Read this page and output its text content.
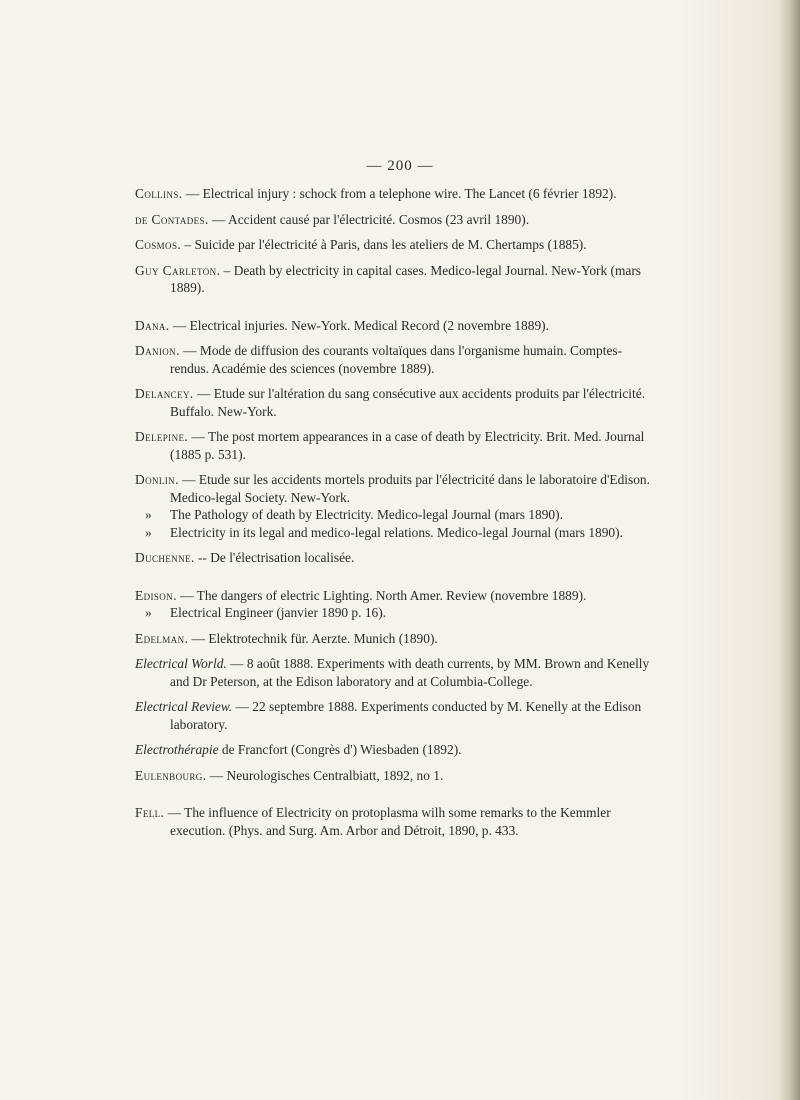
— 200 —

Collins. — Electrical injury : schock from a telephone wire. The Lancet (6 février 1892).

de Contades. — Accident causé par l'électricité. Cosmos (23 avril 1890).

Cosmos. – Suicide par l'électricité à Paris, dans les ateliers de M. Chertamps (1885).

Guy Carleton. – Death by electricity in capital cases. Medico-legal Journal. New-York (mars 1889).

Dana. — Electrical injuries. New-York. Medical Record (2 novembre 1889).

Danion. — Mode de diffusion des courants voltaïques dans l'organisme humain. Comptes-rendus. Académie des sciences (novembre 1889).

Delancey. — Etude sur l'altération du sang consécutive aux accidents produits par l'électricité. Buffalo. New-York.

Delepine. — The post mortem appearances in a case of death by Electricity. Brit. Med. Journal (1885 p. 531).

Donlin. — Etude sur les accidents mortels produits par l'électricité dans le laboratoire d'Edison. Medico-legal Society. New-York.

» The Pathology of death by Electricity. Medico-legal Journal (mars 1890).

» Electricity in its legal and medico-legal relations. Medico-legal Journal (mars 1890).

Duchenne. -- De l'électrisation localisée.

Edison. — The dangers of electric Lighting. North Amer. Review (novembre 1889).

» Electrical Engineer (janvier 1890 p. 16).

Edelman. — Elektrotechnik für. Aerzte. Munich (1890).

Electrical World. — 8 août 1888. Experiments with death currents, by MM. Brown and Kenelly and Dr Peterson, at the Edison laboratory and at Columbia-College.

Electrical Review. — 22 septembre 1888. Experiments conducted by M. Kenelly at the Edison laboratory.

Electrothérapie de Francfort (Congrès d') Wiesbaden (1892).

Eulenbourg. — Neurologisches Centralbiatt, 1892, no 1.

Fell. — The influence of Electricity on protoplasma wilh some remarks to the Kemmler execution. (Phys. and Surg. Am. Arbor and Détroit, 1890, p. 433.
